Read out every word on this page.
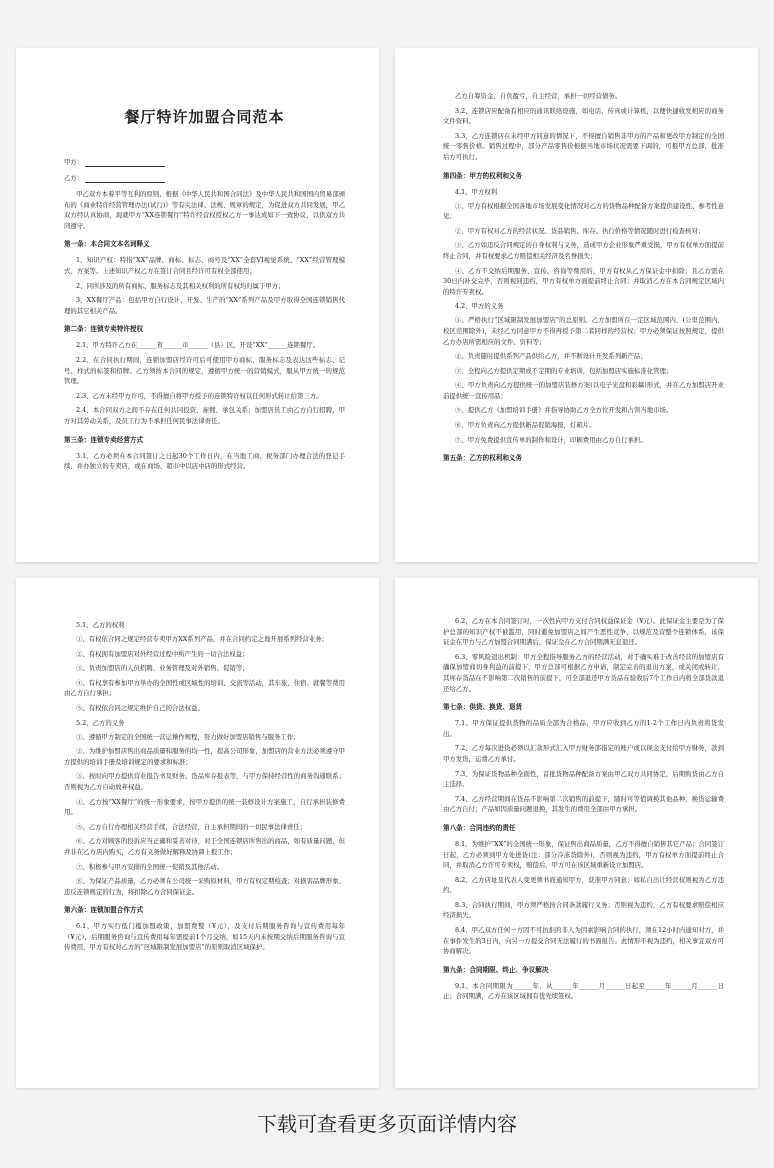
餐厅特许加盟合同范本
甲方：
乙方：
甲乙双方本着平等互利的原则，根据《中华人民共和国合同法》及中华人民共和国国内贸易部颁布的《商业特许经营管理办法(试行)》等有关法律、法规、规章的规定，为促进双方共同发展，甲乙双方经认真协商，现就甲方“XX连锁餐厅”特许经营权授权乙方一事达成如下一致协议，以供双方共同遵守。
第一条：本合同文本名词释义
1、知识产权：特指“XX”品牌、商标、标志、商号及“XX”全套VI视觉系统、“XX”经营管理模式、方案等。上述知识产权乙方在签订合同且经许可有权全部使用；
2、同所涉及的所有商标、服务标志及其相关权利的所有权均归属于甲方；
3、XX餐厅产品：包括甲方自行设计、开发、生产的“XX”系列产品及甲方取得全国连锁销售代理的其它相关产品。
第二条：连锁专卖特许授权
2.1、甲方特许乙方在______省______市______（县）区，开设“XX”______连锁餐厅。
2.2、在合同执行期间，连锁加盟店经许可后可使用甲方商标，服务标志及表达这些标志、记号、样式的标签和招牌。乙方须按本合同的规定，遵循甲方统一的营销模式，服从甲方统一的规范管理。
2.3、乙方未经甲方许可，不得擅自将甲方授予的连锁特许权以任何形式转让给第三方。
2.4、本合同双方之间不存在任何共同投资、雇佣、承包关系；加盟店员工由乙方自行招聘，甲方对其劳动关系，及员工行为不承担任何民事法律责任。
第三条：连锁专卖经营方式
3.1、乙方必须在本合同签订之日起30个工作日内，在当地工商、税务部门办理合法的登记手续，并办独立的专卖店，或在商场、超市中以店中店的形式经营。
乙方自筹资金，自负盈亏，自主经营，承担一切经营债务。
3.2、连锁店应配备有相应的通讯联络设施，如电话、传真或计算机，以便快捷收发相应的商务文件资料。
3.3、乙方连锁店在未经甲方同意的情况下，不得擅自销售非甲方的产品和更改甲方制定的全国统一零售价格。销售过程中，部分产品零售价根据当地市场状况需要下调的，可报甲方总部，批准后方可执行。
第四条：甲方的权利和义务
4.1、甲方权利
①、甲方有权根据全国各地市场发展变化情况对乙方的货物品种配备方案提供建设性、参考性意见；
②、甲方有权对乙方的经营状况、货品销售、库存、执行价格等情况随时进行检查核对；
③、乙方如违反合同规定的自身权利与义务，造成甲方企业形象严重受损，甲方有权单方面提前终止合同，并有权要求乙方赔偿相关经济及名誉损失；
④、乙方不交纳后期服务、宣传、咨询等费用的，甲方有权从乙方保证金中扣除；且乙方需在30日内补交完毕，否则视同违约，甲方有权单方面提前终止合同；并取消乙方在本合同规定区域内的特许专卖权。
4.2、甲方的义务
①、严格执行“区域限制发展加盟店”的总原则。乙方加盟所在一定区域范围内，(公里范围内，校区范围除外)，未经乙方同意甲方不得再授予第二者同样的经营权；甲方必须保证按照规定，提供乙方办店所需相应的文件、资料等；
②、负责随时提供系列产品供给乙方，并不断设计开发系列新产品；
③、全程向乙方提供定期或不定期的专业培训，包括加盟店实施标准化管理；
④、甲方负责向乙方提供统一的加盟店装修方案(以电子光盘和彩稿)形式，并在乙方加盟店开业前提供统一宣传用品；
⑤、提供乙方《加盟培训手册》并指导协助乙方全方位开发和占领当地市场。
⑥、甲方负责向乙方提供新品促销海报，灯箱片。
⑦、甲方免费提供宣传单的制作和设计，印刷费用由乙方自行承担。
第五条：乙方的权利和义务
5.1、乙方的权利
①、有权依合同之规定经营专卖甲方XX系列产品，并在合同约定之地开展系列经营业务；
②、有权拥有加盟店对外经营过程中所产生的一切合法权益；
③、负责加盟店的人员招聘、业务管理及对外销售、促销等；
④、有权享有参加甲方举办的全国性或区域性的培训、交流等活动，其车旅、住宿、就餐等费用由乙方自行承担；
⑤、有权依合同之规定维护自己的合法权益。
5.2、乙方的义务
①、遵循甲方制定的全国统一营运操作规程，努力做好加盟店销售与服务工作；
②、为维护加盟店售出商品质量和服务的均一性，提高公司形象，加盟店的营业方法必须遵守甲方提供的培训手册及培训规定的要求和标准；
③、按时向甲方提供营业报告书及财务、货品库存报表等，与甲方保持经营性的商务沟通联系；否则视为乙方自动放弃权益。
④、乙方按“XX餐厅”的统一形象要求，按甲方提供的统一装修设计方案施工，自行承担装修费用。
⑤、乙方自行办理相关经营手续，合法经营，自主承担期间的一切民事法律责任；
⑥、乙方对顾客的投诉应当正确和妥善对待，对于全国连锁店所售出的商品，如有质量问题，但并非在乙方店内购买，乙方有义务做好解释及协调上报工作；
⑦、积极参与甲方安排的全国统一促销及其他活动。
⑧、为保证产品质量，乙方必须在公司统一采购原材料，甲方有权定期检查；对损害品牌形象、违反连锁规定的行为，将扣除乙方合同保证金。
第六条：连锁加盟合作方式
6.1、甲方实行低门槛加盟政策，加盟费整（¥元），及支付后期服务咨询与宣传费用每年（¥元），后期服务咨询与宣传费用每年需提前1个月交纳，如15天内未按期交纳后期服务咨询与宣传费用，甲方有权对乙方的“区域限制发展加盟店”的原则取消区域保护。
6.2、乙方在本合同签订时，一次性向甲方支付合同权益保证金（¥元）。此保证金主要是为了保护总部的知识产权不被滥用，同时避免加盟店之间产生恶性竞争，以规范及营整个连锁体系，该保证金在甲方与乙方加盟合同期满后，保证金在乙方合同期满无息退还。
6.3、零风险退出机制：甲方全程指导服务乙方的经营活动，对于确实难于改善经营的加盟店有确保加盟商切身利益的前提下，甲方总部可根据乙方申请，制定完善的退出方案，或关闭或转让，其库存货品在不影响第二次销售的前提下，可全部退还甲方货品在验收后7个工作日内将全部货款退还给乙方。
第七条：供货、换货、退货
7.1、甲方保证提供货物的品质全部为合格品，甲方应收到乙方的1-2个工作日内负责将货发出。
7.2、乙方每次进货必须以汇款形式汇入甲方财务部指定的账户或以现金支付给甲方财务，款到甲方发货，运费乙方承付。
7.3、为保证货物品种全面性，首批货物品种配备方案由甲乙双方共同协定，后期购货由乙方自主选择。
7.4、乙方经营期间在货品不影响第二次销售的前提下，随时可等值调换其他品种，换货运输费由乙方自付；产品如因质量问题退换，其发生的费用全部由甲方承担。
第八条：合同违约的责任
8.1、为维护“XX”的全国统一形象，保证售出商品质量，乙方不得擅自销售其它产品；合同签订日起，乙方必须到甲方处进货(注：部分冷冻货除外)，否则视为违约，甲方有权单方面提前终止合同，并取消乙方许可专卖权，赔偿后，甲方可在该区域重新设立加盟店。
8.2、乙方店址及代表人变更须书面通知甲方，获准甲方同意；如私自出让经营权则视为乙方违约。
8.3、合同执行期间，甲方须严格按合同条款履行义务；否则视为违约，乙方有权要求赔偿相应经济损失。
8.4、甲乙双方任何一方因不可抗拒的非人为因素影响合同的执行，须在12小时内通知对方，并在事件发生的3日内，向另一方提交合同无法履行的书面报告。此情形不视为违约，相关事宜双方可协商解决。
第九条：合同期限、终止、争议解决
9.1、本合同期限为______年，从______年______月______日起至______年______月______日止；合同期满，乙方在该区域拥有优先续签权。
下载可查看更多页面详情内容
